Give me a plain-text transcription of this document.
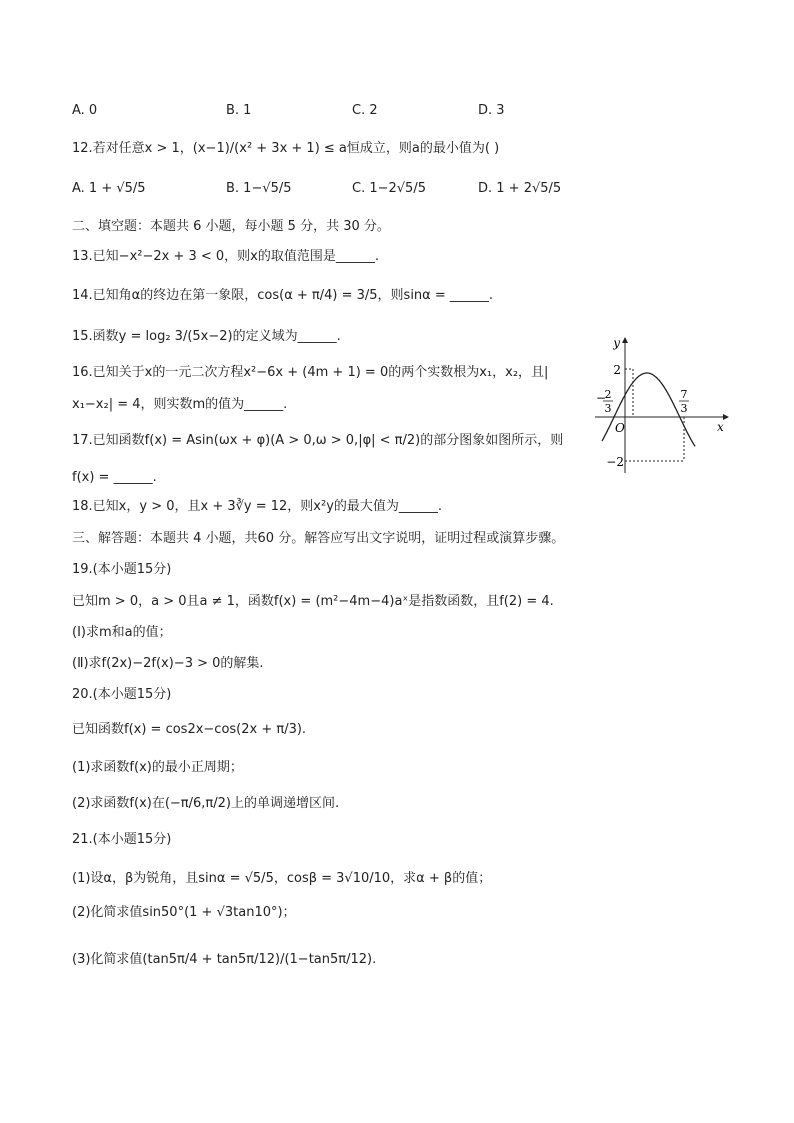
A. 0	B. 1	C. 2	D. 3
12.若对任意x > 1，(x−1)/(x² + 3x + 1) ≤ a恒成立，则a的最小值为( )
A. 1 + √5/5	B. 1−√5/5	C. 1−2√5/5	D. 1 + 2√5/5
二、填空题：本题共 6 小题，每小题 5 分，共 30 分。
13.已知−x²−2x + 3 < 0，则x的取值范围是______.
14.已知角α的终边在第一象限，cos(α + π/4) = 3/5，则sinα = ______.
15.函数y = log₂ 3/(5x−2)的定义域为______.
16.已知关于x的一元二次方程x²−6x + (4m + 1) = 0的两个实数根为x₁，x₂，且|
x₁−x₂| = 4，则实数m的值为______.
17.已知函数f(x) = Asin(ωx + φ)(A > 0,ω > 0,|φ| < π/2)的部分图象如图所示，则
f(x) = ______.
18.已知x，y > 0，且x + 3∛y = 12，则x²y的最大值为______.
三、解答题：本题共 4 小题，共60 分。解答应写出文字说明，证明过程或演算步骤。
19.(本小题15分)
已知m > 0，a > 0且a ≠ 1，函数f(x) = (m²−4m−4)aˣ是指数函数，且f(2) = 4.
(Ⅰ)求m和a的值；
(Ⅱ)求f(2x)−2f(x)−3 > 0的解集.
20.(本小题15分)
已知函数f(x) = cos2x−cos(2x + π/3).
(1)求函数f(x)的最小正周期；
(2)求函数f(x)在(−π/6,π/2)上的单调递增区间.
21.(本小题15分)
(1)设α，β为锐角，且sinα = √5/5，cosβ = 3√10/10，求α + β的值；
(2)化简求值sin50°(1 + √3tan10°)；
(3)化简求值(tan5π/4 + tan5π/12)/(1−tan5π/12).
y
x
O
2
−2
−
2
3
7
3
